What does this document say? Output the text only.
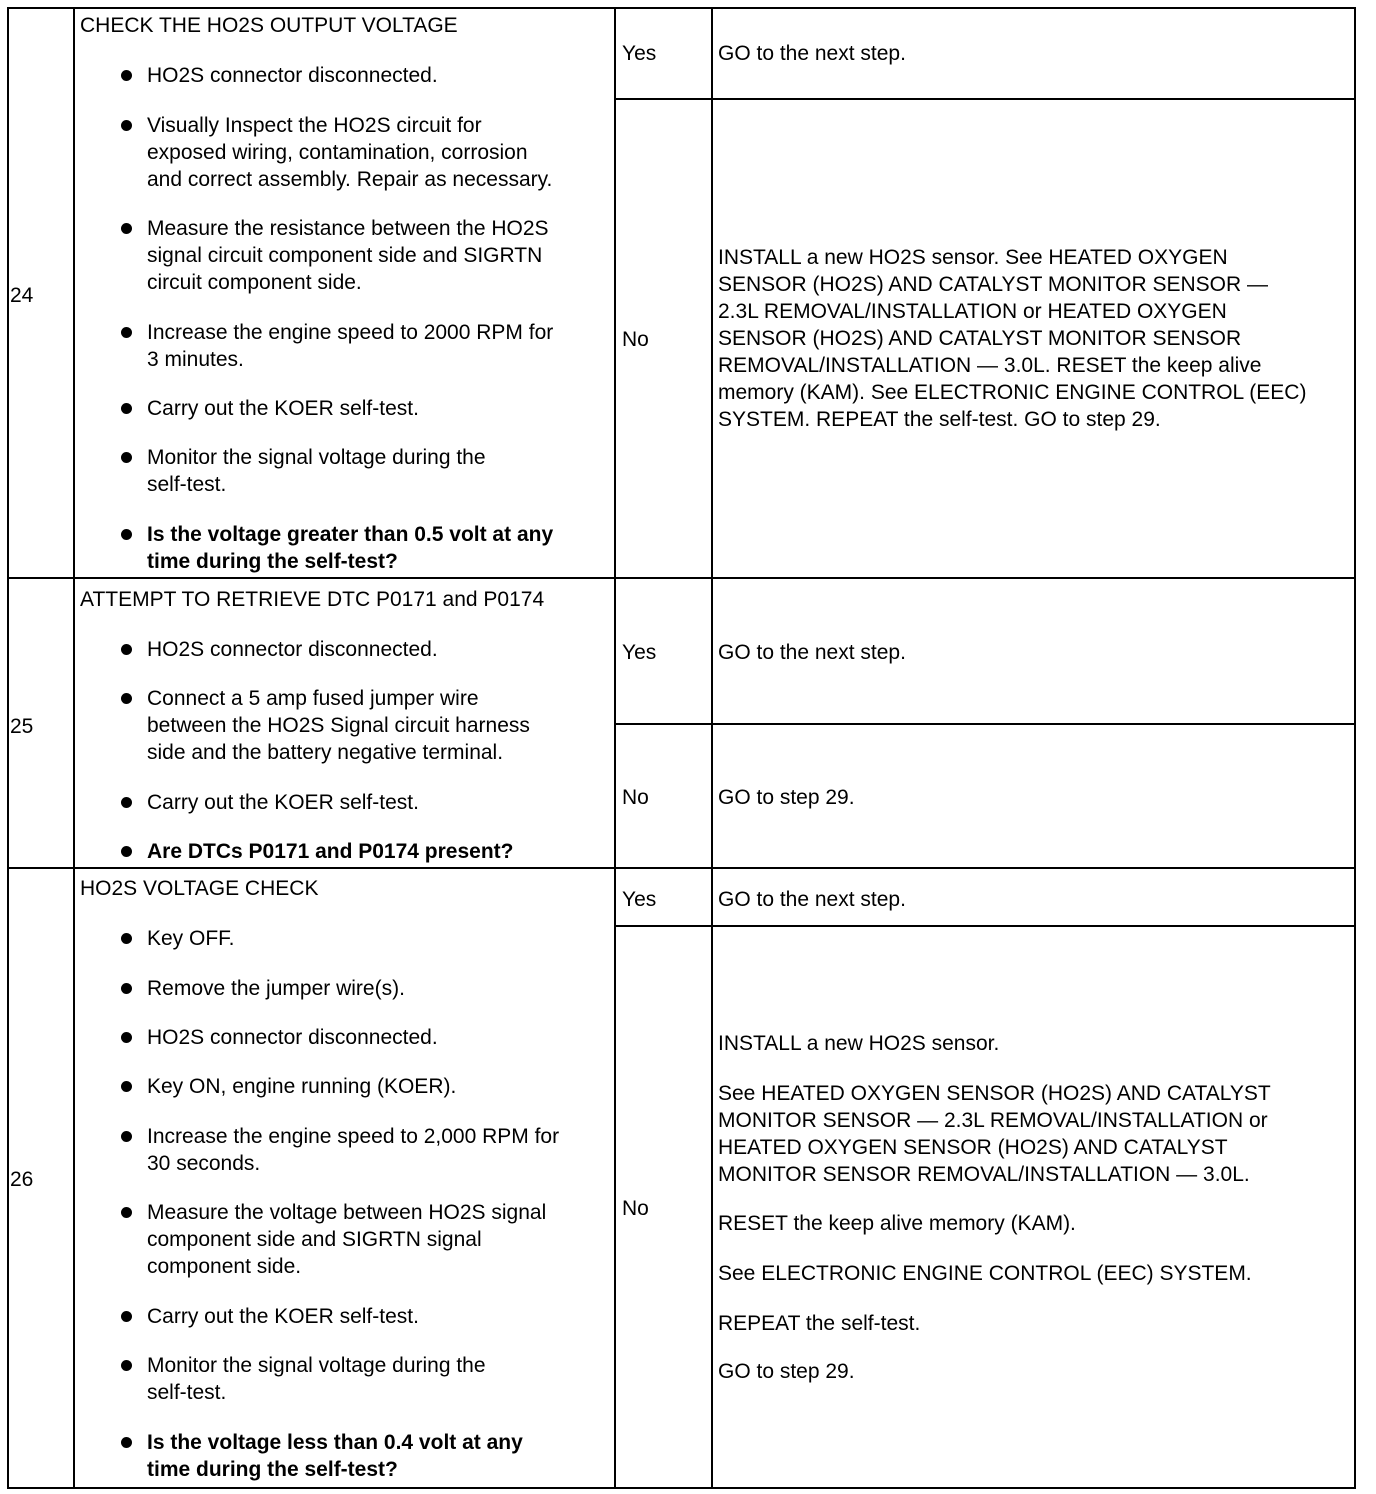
24
CHECK THE HO2S OUTPUT VOLTAGE
HO2S connector disconnected.
Visually Inspect the HO2S circuit for
exposed wiring, contamination, corrosion
and correct assembly. Repair as necessary.
Measure the resistance between the HO2S
signal circuit component side and SIGRTN
circuit component side.
Increase the engine speed to 2000 RPM for
3 minutes.
Carry out the KOER self-test.
Monitor the signal voltage during the
self-test.
Is the voltage greater than 0.5 volt at any
time during the self-test?
Yes	GO to the next step.
No
INSTALL a new HO2S sensor. See HEATED OXYGEN
SENSOR (HO2S) AND CATALYST MONITOR SENSOR —
2.3L REMOVAL/INSTALLATION or HEATED OXYGEN
SENSOR (HO2S) AND CATALYST MONITOR SENSOR
REMOVAL/INSTALLATION — 3.0L. RESET the keep alive
memory (KAM). See ELECTRONIC ENGINE CONTROL (EEC)
SYSTEM. REPEAT the self-test. GO to step 29.
25
ATTEMPT TO RETRIEVE DTC P0171 and P0174
HO2S connector disconnected.
Connect a 5 amp fused jumper wire
between the HO2S Signal circuit harness
side and the battery negative terminal.
Carry out the KOER self-test.
Are DTCs P0171 and P0174 present?
Yes	GO to the next step.
No	GO to step 29.
26
HO2S VOLTAGE CHECK
Key OFF.
Remove the jumper wire(s).
HO2S connector disconnected.
Key ON, engine running (KOER).
Increase the engine speed to 2,000 RPM for
30 seconds.
Measure the voltage between HO2S signal
component side and SIGRTN signal
component side.
Carry out the KOER self-test.
Monitor the signal voltage during the
self-test.
Is the voltage less than 0.4 volt at any
time during the self-test?
Yes	GO to the next step.
No
INSTALL a new HO2S sensor.
See HEATED OXYGEN SENSOR (HO2S) AND CATALYST
MONITOR SENSOR — 2.3L REMOVAL/INSTALLATION or
HEATED OXYGEN SENSOR (HO2S) AND CATALYST
MONITOR SENSOR REMOVAL/INSTALLATION — 3.0L.
RESET the keep alive memory (KAM).
See ELECTRONIC ENGINE CONTROL (EEC) SYSTEM.
REPEAT the self-test.
GO to step 29.
